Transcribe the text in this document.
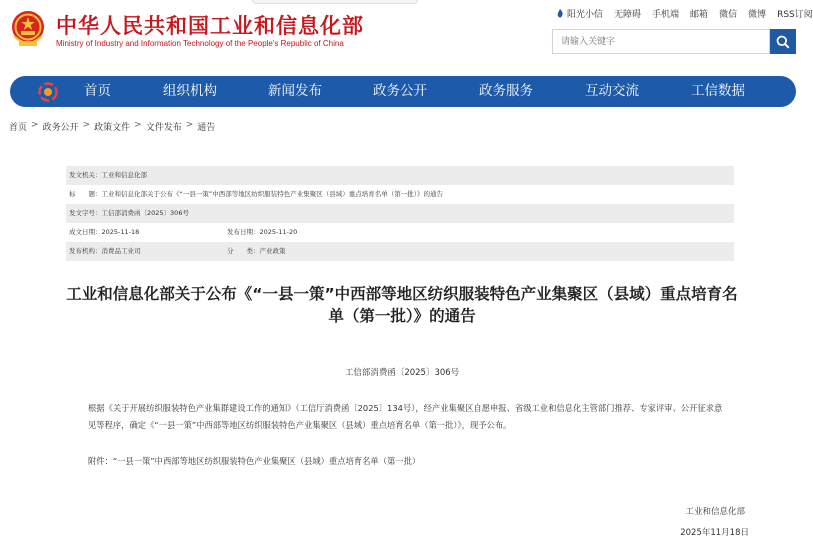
中华人民共和国工业和信息化部
Ministry of Industry and Information Technology of the People's Republic of China
阳光小信 无障碍 手机端 邮箱 微信 微博 RSS订阅
请输入关键字
首页	组织机构	新闻发布	政务公开	政务服务	互动交流	工信数据
首页 > 政务公开 > 政策文件 > 文件发布 > 通告
发文机关：工业和信息化部
标　　题：工业和信息化部关于公布《“一县一策”中西部等地区纺织服装特色产业集聚区（县域）重点培育名单（第一批）》的通告
发文字号：工信部消费函〔2025〕306号
成文日期：2025-11-18	发布日期：2025-11-20
发布机构：消费品工业司	分　　类：产业政策
工业和信息化部关于公布《“一县一策”中西部等地区纺织服装特色产业集聚区（县域）重点培育名单（第一批）》的通告
工信部消费函〔2025〕306号
根据《关于开展纺织服装特色产业集群建设工作的通知》（工信厅消费函〔2025〕134号），经产业集聚区自愿申报、省级工业和信息化主管部门推荐、专家评审、公开征求意见等程序，确定《“一县一策”中西部等地区纺织服装特色产业集聚区（县域）重点培育名单（第一批）》，现予公布。
附件：“一县一策”中西部等地区纺织服装特色产业集聚区（县域）重点培育名单（第一批）
工业和信息化部
2025年11月18日
